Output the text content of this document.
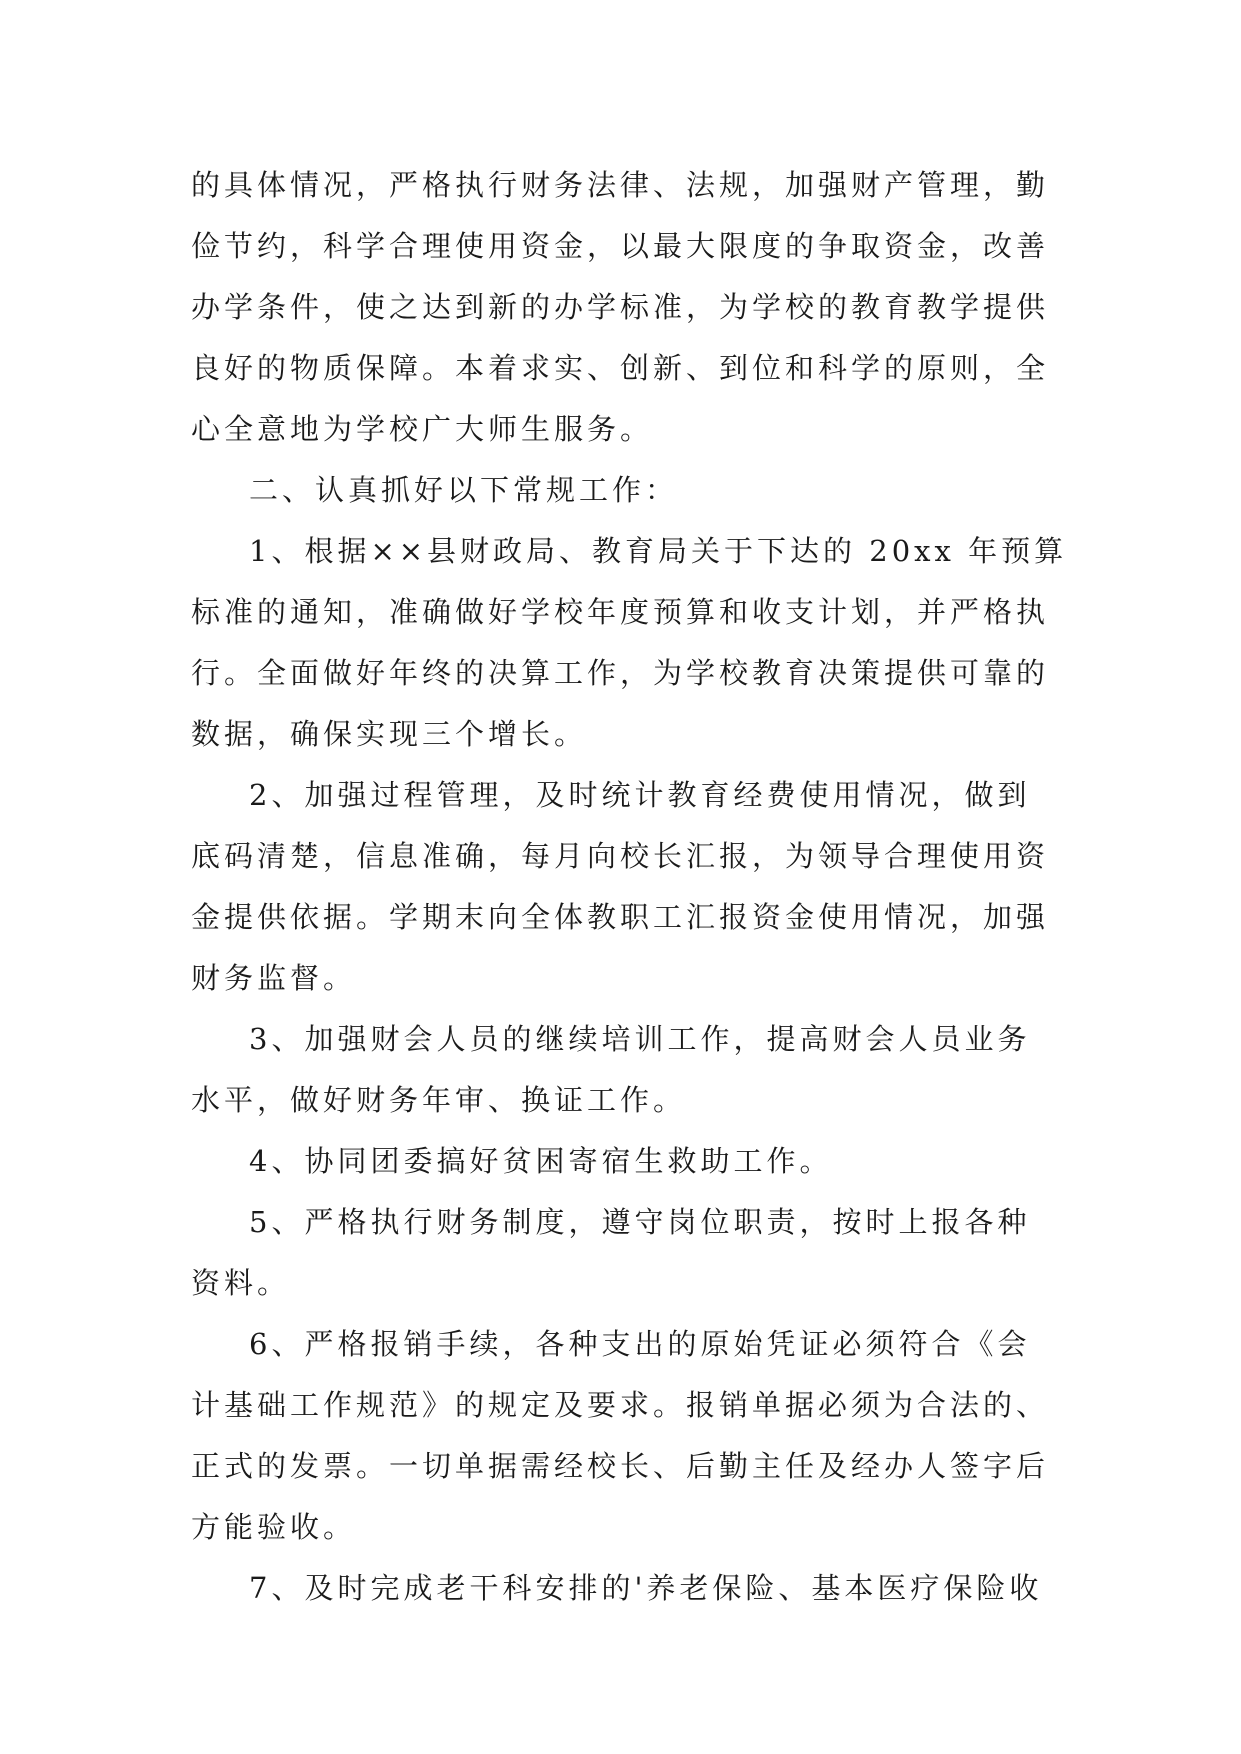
的具体情况，严格执行财务法律、法规，加强财产管理，勤
俭节约，科学合理使用资金，以最大限度的争取资金，改善
办学条件，使之达到新的办学标准，为学校的教育教学提供
良好的物质保障。本着求实、创新、到位和科学的原则，全
心全意地为学校广大师生服务。
二、认真抓好以下常规工作：
1、根据××县财政局、教育局关于下达的 20xx 年预算
标准的通知，准确做好学校年度预算和收支计划，并严格执
行。全面做好年终的决算工作，为学校教育决策提供可靠的
数据，确保实现三个增长。
2、加强过程管理，及时统计教育经费使用情况，做到
底码清楚，信息准确，每月向校长汇报，为领导合理使用资
金提供依据。学期末向全体教职工汇报资金使用情况，加强
财务监督。
3、加强财会人员的继续培训工作，提高财会人员业务
水平，做好财务年审、换证工作。
4、协同团委搞好贫困寄宿生救助工作。
5、严格执行财务制度，遵守岗位职责，按时上报各种
资料。
6、严格报销手续，各种支出的原始凭证必须符合《会
计基础工作规范》的规定及要求。报销单据必须为合法的、
正式的发票。一切单据需经校长、后勤主任及经办人签字后
方能验收。
7、及时完成老干科安排的'养老保险、基本医疗保险收
